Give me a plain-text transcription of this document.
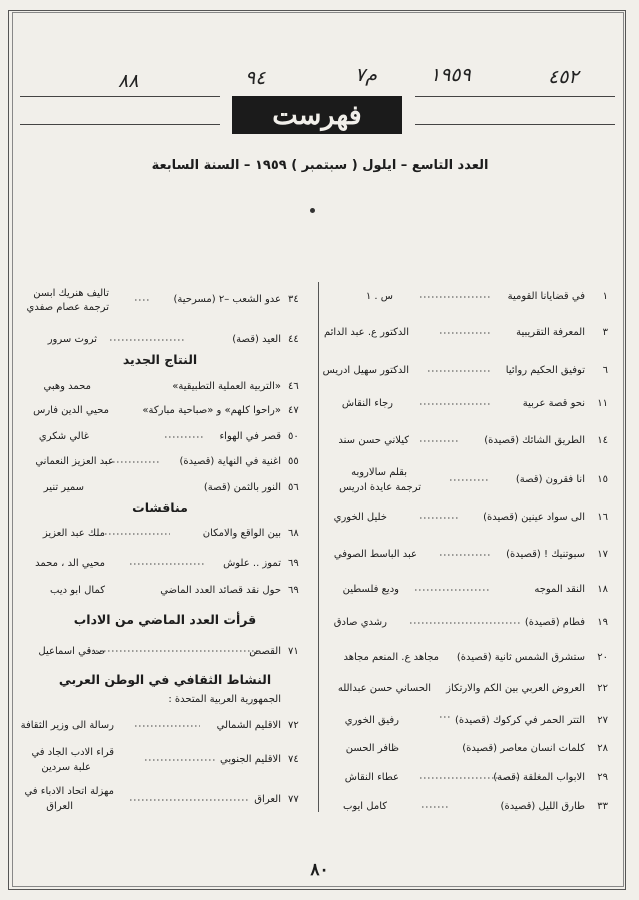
٨٨	٩٤	م٧	١٩٥٩	٤٥٢
فهرست
العدد التاسع – ايلول ( سبتمبر ) ١٩٥٩ – السنة السابعة
١
في قضايانا القومية
س . ١
٣
المعرفة التقريبية
الدكتور ع. عبد الدائم
٦
توفيق الحكيم روائيا
الدكتور سهيل ادريس
١١
نحو قصة عربية
رجاء النقاش
١٤
الطريق الشائك (قصيدة)
كيلاني حسن سند
١٥
انا فقرون (قصة)
بقلم سالاروبه
ترجمة عايدة ادريس
١٦
الى سواد عينين (قصيدة)
خليل الخوري
١٧
سبوتنيك ! (قصيدة)
عبد الباسط الصوفي
١٨
النقد الموجه
وديع فلسطين
١٩
فطام (قصيدة)
رشدي صادق
٢٠
ستشرق الشمس ثانية (قصيدة)
مجاهد ع. المنعم مجاهد
٢٢
العروض العربي بين الكم والارتكاز
الحساني حسن عبدالله
٢٧
التتر الحمر في كركوك (قصيدة)
رفيق الخوري
٢٨
كلمات انسان معاصر (قصيدة)
ظافر الحسن
٢٩
الابواب المغلقة (قصة)
عطاء النقاش
٣٣
طارق الليل (قصيدة)
كامل ايوب
٣٤
عدو الشعب –٢ (مسرحية)
تاليف هنريك ابسن
ترجمة عصام صفدي
٤٤
العيد (قصة)
ثروت سرور
النتاج الجديد
٤٦
«التربية العملية التطبيقية»
محمد وهبي
٤٧
«راحوا كلهم» و «صباحية مباركة»
محيي الدين فارس
٥٠
قصر في الهواء
غالي شكري
٥٥
اغنية في النهاية (قصيدة)
عبد العزيز النعماني
٥٦
النور بالثمن (قصة)
سمير تنير
مناقشات
٦٨
بين الواقع والامكان
ملك عبد العزيز
٦٩
تموز .. علوش
محيي الد ، محمد
٦٩
حول نقد قصائد العدد الماضي
كمال ابو ديب
قرأت العدد الماضي من الاداب
٧١
القصص
صدقي اسماعيل
النشاط الثقافي في الوطن العربي
الجمهورية العربية المتحدة :
٧٢
الاقليم الشمالي
رسالة الى وزير الثقافة
٧٤
الاقليم الجنوبي
قراء الادب الجاد في
علبة سردين
٧٧
العراق
مهزلة اتحاد الادباء في
العراق
٨٠
